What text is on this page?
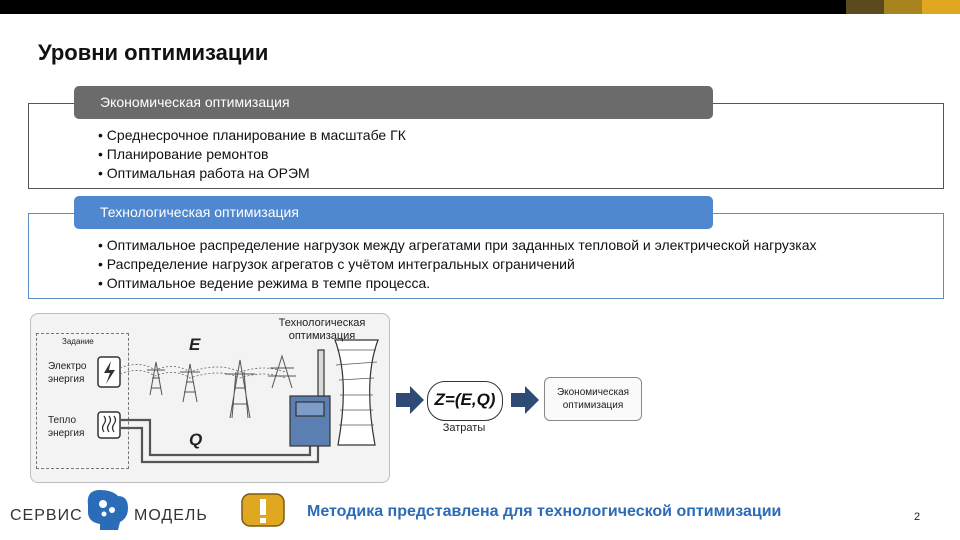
Уровни оптимизации
Экономическая оптимизация
• Среднесрочное планирование в масштабе ГК
• Планирование ремонтов
• Оптимальная работа на ОРЭМ
Технологическая оптимизация
• Оптимальное распределение нагрузок между агрегатами при заданных тепловой и электрической нагрузках
• Распределение нагрузок агрегатов с учётом интегральных ограничений
• Оптимальное ведение режима в темпе процесса.
Задание
Электро
энергия
Тепло
энергия
E
Q
Технологическая
оптимизация
Z=(E,Q)
Затраты
Экономическая
оптимизация
СЕРВИС	МОДЕЛЬ	Методика представлена для технологической оптимизации	2
